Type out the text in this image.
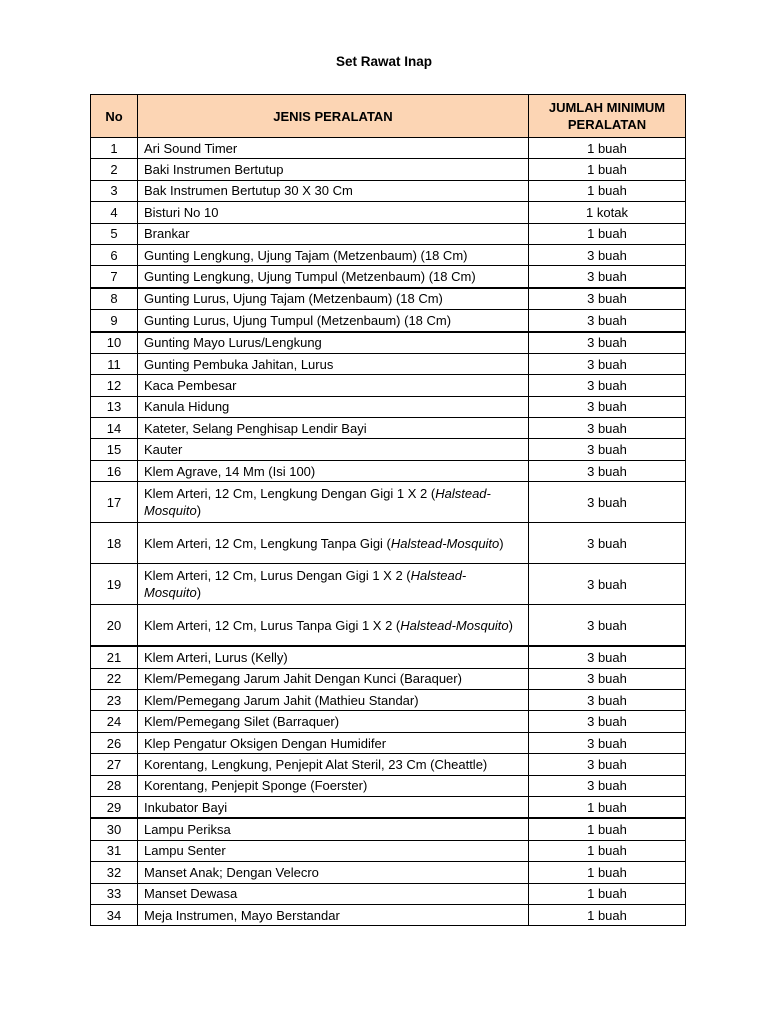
Set Rawat Inap
No	JENIS PERALATAN	JUMLAH MINIMUM PERALATAN
1	Ari Sound Timer	1 buah
2	Baki Instrumen Bertutup	1 buah
3	Bak Instrumen Bertutup 30 X 30 Cm	1 buah
4	Bisturi No 10	1 kotak
5	Brankar	1 buah
6	Gunting Lengkung, Ujung Tajam (Metzenbaum) (18 Cm)	3 buah
7	Gunting Lengkung, Ujung Tumpul (Metzenbaum) (18 Cm)	3 buah
8	Gunting Lurus, Ujung Tajam (Metzenbaum) (18 Cm)	3 buah
9	Gunting Lurus, Ujung Tumpul (Metzenbaum) (18 Cm)	3 buah
10	Gunting Mayo Lurus/Lengkung	3 buah
11	Gunting Pembuka Jahitan, Lurus	3 buah
12	Kaca Pembesar	3 buah
13	Kanula Hidung	3 buah
14	Kateter, Selang Penghisap Lendir Bayi	3 buah
15	Kauter	3 buah
16	Klem Agrave, 14 Mm (Isi 100)	3 buah
17	Klem Arteri, 12 Cm, Lengkung Dengan Gigi 1 X 2 (Halstead-Mosquito)	3 buah
18	Klem Arteri, 12 Cm, Lengkung Tanpa Gigi (Halstead-Mosquito)	3 buah
19	Klem Arteri, 12 Cm, Lurus Dengan Gigi 1 X 2 (Halstead-Mosquito)	3 buah
20	Klem Arteri, 12 Cm, Lurus Tanpa Gigi 1 X 2 (Halstead-Mosquito)	3 buah
21	Klem Arteri, Lurus (Kelly)	3 buah
22	Klem/Pemegang Jarum Jahit Dengan Kunci (Baraquer)	3 buah
23	Klem/Pemegang Jarum Jahit (Mathieu Standar)	3 buah
24	Klem/Pemegang Silet (Barraquer)	3 buah
26	Klep Pengatur Oksigen Dengan Humidifer	3 buah
27	Korentang, Lengkung, Penjepit Alat Steril, 23 Cm (Cheattle)	3 buah
28	Korentang, Penjepit Sponge (Foerster)	3 buah
29	Inkubator Bayi	1 buah
30	Lampu Periksa	1 buah
31	Lampu Senter	1 buah
32	Manset Anak; Dengan Velecro	1 buah
33	Manset Dewasa	1 buah
34	Meja Instrumen, Mayo Berstandar	1 buah
